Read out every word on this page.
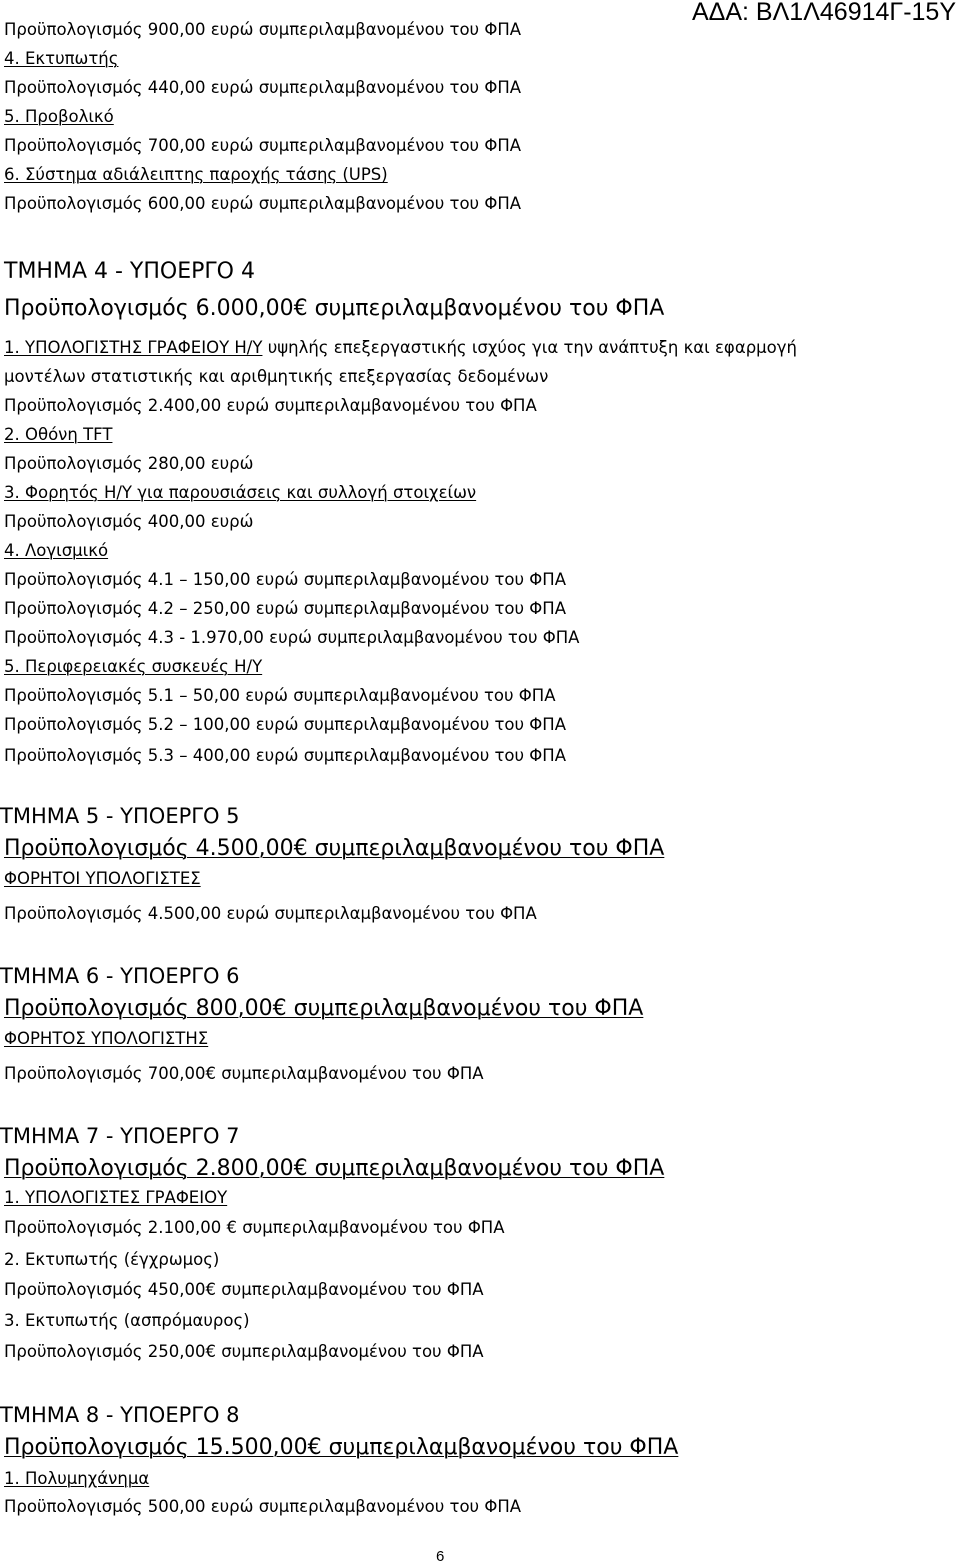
ΑΔΑ: ΒΛ1Λ46914Γ-15Υ
Προϋπολογισμός 900,00 ευρώ συμπεριλαμβανομένου του ΦΠΑ
4. Εκτυπωτής
Προϋπολογισμός 440,00 ευρώ συμπεριλαμβανομένου του ΦΠΑ
5. Προβολικό
Προϋπολογισμός 700,00 ευρώ συμπεριλαμβανομένου του ΦΠΑ
6. Σύστημα αδιάλειπτης παροχής τάσης (UPS)
Προϋπολογισμός 600,00 ευρώ συμπεριλαμβανομένου του ΦΠΑ
ΤΜΗΜΑ 4 - ΥΠΟΕΡΓΟ 4
Προϋπολογισμός 6.000,00€ συμπεριλαμβανομένου του ΦΠΑ
1. ΥΠΟΛΟΓΙΣΤΗΣ ΓΡΑΦΕΙΟΥ Η/Υ υψηλής επεξεργαστικής ισχύος για την ανάπτυξη και εφαρμογή
μοντέλων στατιστικής και αριθμητικής επεξεργασίας δεδομένων
Προϋπολογισμός 2.400,00 ευρώ συμπεριλαμβανομένου του ΦΠΑ
2. Οθόνη TFT
Προϋπολογισμός 280,00 ευρώ
3. Φορητός Η/Υ για παρουσιάσεις και συλλογή στοιχείων
Προϋπολογισμός 400,00 ευρώ
4. Λογισμικό
Προϋπολογισμός 4.1 – 150,00 ευρώ συμπεριλαμβανομένου του ΦΠΑ
Προϋπολογισμός 4.2 – 250,00 ευρώ συμπεριλαμβανομένου του ΦΠΑ
Προϋπολογισμός 4.3 - 1.970,00 ευρώ συμπεριλαμβανομένου του ΦΠΑ
5. Περιφερειακές συσκευές Η/Υ
Προϋπολογισμός 5.1 – 50,00 ευρώ συμπεριλαμβανομένου του ΦΠΑ
Προϋπολογισμός 5.2 – 100,00 ευρώ συμπεριλαμβανομένου του ΦΠΑ
Προϋπολογισμός 5.3 – 400,00 ευρώ συμπεριλαμβανομένου του ΦΠΑ
ΤΜΗΜΑ 5 - ΥΠΟΕΡΓΟ 5
Προϋπολογισμός 4.500,00€ συμπεριλαμβανομένου του ΦΠΑ
ΦΟΡΗΤΟΙ ΥΠΟΛΟΓΙΣΤΕΣ
Προϋπολογισμός 4.500,00 ευρώ συμπεριλαμβανομένου του ΦΠΑ
ΤΜΗΜΑ 6 - ΥΠΟΕΡΓΟ 6
Προϋπολογισμός 800,00€ συμπεριλαμβανομένου του ΦΠΑ
ΦΟΡΗΤΟΣ ΥΠΟΛΟΓΙΣΤΗΣ
Προϋπολογισμός 700,00€ συμπεριλαμβανομένου του ΦΠΑ
ΤΜΗΜΑ 7 - ΥΠΟΕΡΓΟ 7
Προϋπολογισμός 2.800,00€ συμπεριλαμβανομένου του ΦΠΑ
1. ΥΠΟΛΟΓΙΣΤΕΣ ΓΡΑΦΕΙΟΥ
Προϋπολογισμός 2.100,00 € συμπεριλαμβανομένου του ΦΠΑ
2. Εκτυπωτής (έγχρωμος)
Προϋπολογισμός 450,00€ συμπεριλαμβανομένου του ΦΠΑ
3. Εκτυπωτής (ασπρόμαυρος)
Προϋπολογισμός 250,00€ συμπεριλαμβανομένου του ΦΠΑ
ΤΜΗΜΑ 8 - ΥΠΟΕΡΓΟ 8
Προϋπολογισμός 15.500,00€ συμπεριλαμβανομένου του ΦΠΑ
1. Πολυμηχάνημα
Προϋπολογισμός 500,00 ευρώ συμπεριλαμβανομένου του ΦΠΑ
6
